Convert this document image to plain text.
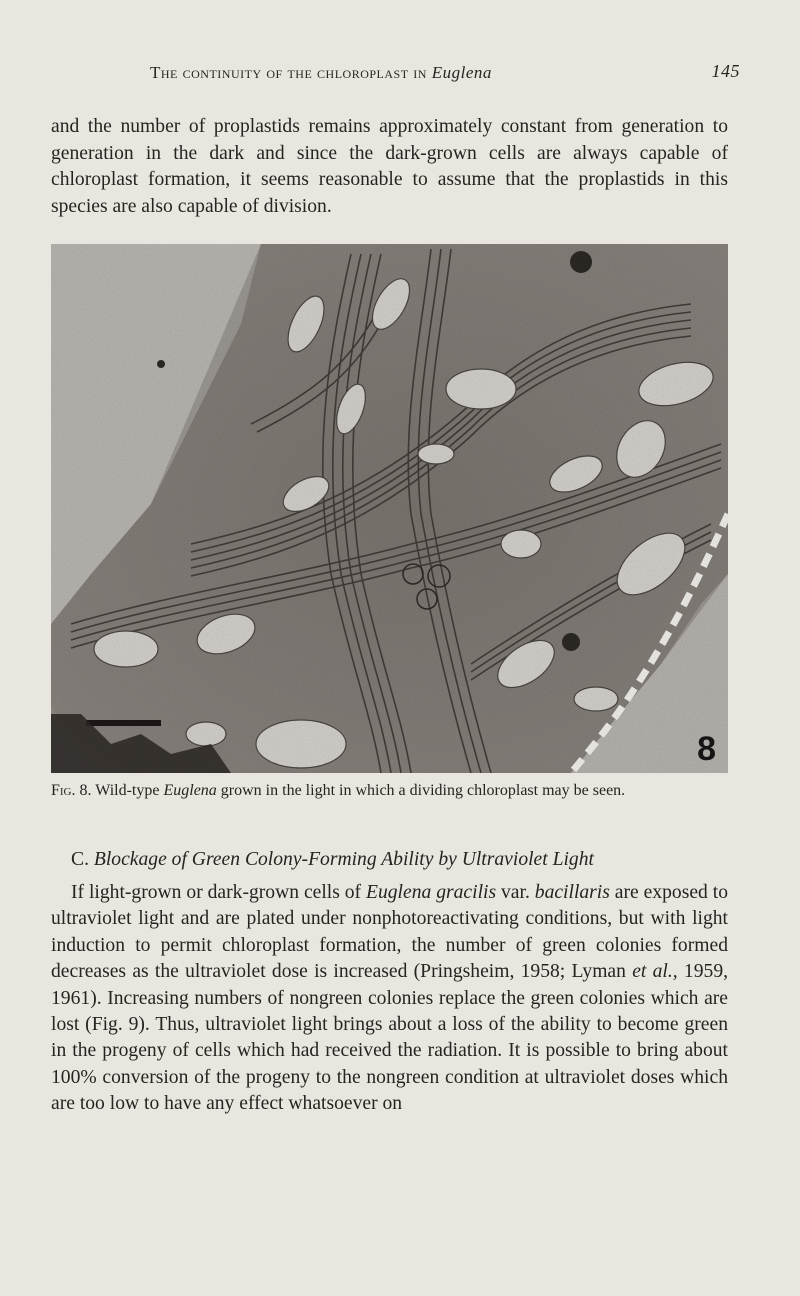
The continuity of the chloroplast in Euglena	145

and the number of proplastids remains approximately constant from generation to generation in the dark and since the dark-grown cells are always capable of chloroplast formation, it seems reasonable to assume that the proplastids in this species are also capable of division.

8

Fig. 8. Wild-type Euglena grown in the light in which a dividing chloroplast may be seen.

C. Blockage of Green Colony-Forming Ability by Ultraviolet Light

If light-grown or dark-grown cells of Euglena gracilis var. bacillaris are exposed to ultraviolet light and are plated under nonphotoreactivating conditions, but with light induction to permit chloroplast formation, the number of green colonies formed decreases as the ultraviolet dose is increased (Pringsheim, 1958; Lyman et al., 1959, 1961). Increasing numbers of nongreen colonies replace the green colonies which are lost (Fig. 9). Thus, ultraviolet light brings about a loss of the ability to become green in the progeny of cells which had received the radiation. It is possible to bring about 100% conversion of the progeny to the nongreen condition at ultraviolet doses which are too low to have any effect whatsoever on
